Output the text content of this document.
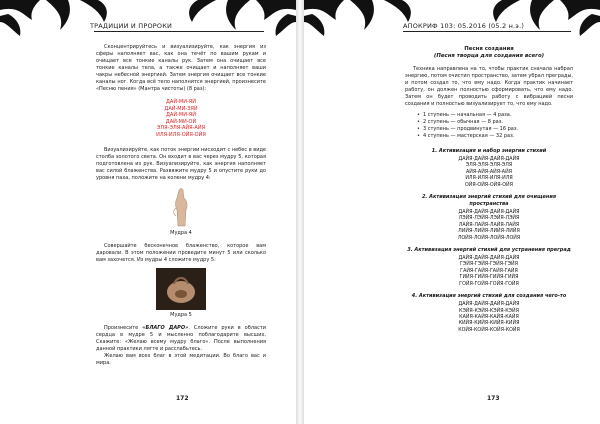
ТРАДИЦИИ И ПРОРОКИ

Сконцентрируйтесь и визуализируйте, как энергия из сферы наполняет вас, как она течёт по вашим рукам и очищает все тонкие каналы рук. Затем она очищает все тонкие каналы тела, а также очищает и наполняет ваши чакры небесной энергией. Затем энергия очищает все тонкие каналы ног. Когда всё тело наполнится энергией, произнесите «Песню пения» (Мантра чистоты) (8 раз):

ДАЙ-МИ-ЯЙ
ДАЙ-МИ-ЗЯЙ
ДАЙ-МИ-ЯЙ
ДАЙ-МИ-ОЙ
ЭЛЯ-ЭЛЯ-АЙЯ-АЙЯ
ИЛЯ-ИЛЯ-ОЙЯ-ОЙЯ

Визуализируйте, как поток энергии нисходит с небес в виде столба золотого света. Он входит в вас через мудру 5, которая подготовлена из рук. Визуализируйте, как энергия наполняет вас силой блаженства. Развяжите мудру 5 и опустите руки до уровня паха, положите на колени мудру 4:

Мудра 4

Совершайте бесконечное блаженство, которое вам даровали. В этом положении проведите минут 5 или сколько вам захочется. Из мудры 4 сложите мудру 5:

Мудра 5

Произнесите «БЛАГО ДАРО». Сложите руки в области сердца в мудре 5 и мысленно поблагодарите высших. Скажите: «Желаю всему мудру благо». После выполнения данной практики лягте и расслабьтесь.

Желаю вам всех благ в этой медитации. Во благо вас и мира.

172
АПОКРИФ 103: 05.2016 (05.2 н.э.)
Песня создания
(Песня творца для создания всего)

Техника направлена на то, чтобы практик сначала набрал энергию, потом очистил пространство, затем убрал преграды, и потом создал то, что ему надо. Когда практик начинает работу, он должен полностью сформировать, что ему надо. Затем он будет проводить работу с вибрацией песни создания и полностью визуализирует то, что ему надо.

• 1 ступень — начальная — 4 раза.
• 2 ступень — обычная — 8 раз.
• 3 ступень — продвинутая — 16 раз.
• 4 ступень — мастерская — 32 раз.
1. Активизация и набор энергии стихий
ДАЙЯ-ДАЙЯ-ДАЙЯ-ДАЙЯ
ЭЛЯ-ЭЛЯ-ЭЛЯ-ЭЛЯ
АЙЯ-АЙЯ-АЙЯ-АЙЯ
ИЛЯ-ИЛЯ-ИЛЯ-ИЛЯ
ОЙЯ-ОЙЯ-ОЙЯ-ОЙЯ
2. Активизация энергий стихий для очищения пространства
ДАЙЯ-ДАЙЯ-ДАЙЯ-ДАЙЯ
ЛЭЙЯ-ЛЭЙЯ-ЛЭЙЯ-ЛЭЙЯ
ЛАЙЯ-ЛАЙЯ-ЛАЙЯ-ЛАЙЯ
ЛИЙЯ-ЛИЙЯ-ЛИЙЯ-ЛИЙЯ
ЛОЙЯ-ЛОЙЯ-ЛОЙЯ-ЛОЙЯ
3. Активизация энергий стихий для устранения преград
ДАЙЯ-ДАЙЯ-ДАЙЯ-ДАЙЯ
ГЭЙЯ-ГЭЙЯ-ГЭЙЯ-ГЭЙЯ
ГАЙЯ-ГАЙЯ-ГАЙЯ-ГАЙЯ
ГИЙЯ-ГИЙЯ-ГИЙЯ-ГИЙЯ
ГОЙЯ-ГОЙЯ-ГОЙЯ-ГОЙЯ
4. Активизация энергий стихий для создания чего-то
ДАЙЯ-ДАЙЯ-ДАЙЯ-ДАЙЯ
КЭЙЯ-КЭЙЯ-КЭЙЯ-КЭЙЯ
КАЙЯ-КАЙЯ-КАЙЯ-КАЙЯ
КИЙЯ-КИЙЯ-КИЙЯ-КИЙЯ
КОЙЯ-КОЙЯ-КОЙЯ-КОЙЯ
173
